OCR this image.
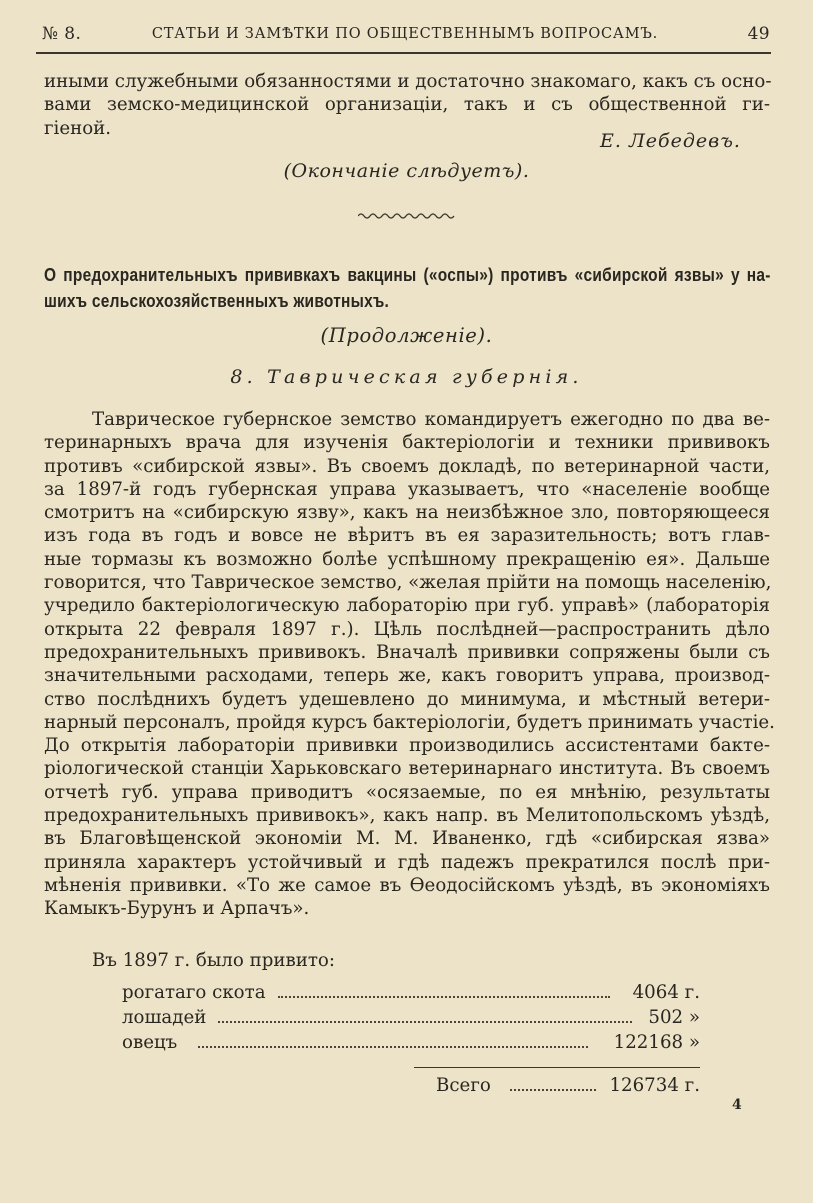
№ 8.	СТАТЬИ И ЗАМѢТКИ ПО ОБЩЕСТВЕННЫМЪ ВОПРОСАМЪ.	49
иными служебными обязанностями и достаточно знакомаго, какъ съ осно-
вами земско-медицинской организаціи, такъ и съ общественной ги-
гіеной.
Е. Лебедевъ.
(Окончаніе слѣдуетъ).
О предохранительныхъ прививкахъ вакцины («оспы») противъ «сибирской язвы» у на-
шихъ сельскохозяйственныхъ животныхъ.
(Продолженіе).
8. Таврическая губернія.
Таврическое губернское земство командируетъ ежегодно по два ве-
теринарныхъ врача для изученія бактеріологіи и техники прививокъ
противъ «сибирской язвы». Въ своемъ докладѣ, по ветеринарной части,
за 1897-й годъ губернская управа указываетъ, что «населеніе вообще
смотритъ на «сибирскую язву», какъ на неизбѣжное зло, повторяющееся
изъ года въ годъ и вовсе не вѣритъ въ ея заразительность; вотъ глав-
ные тормазы къ возможно болѣе успѣшному прекращенію ея». Дальше
говорится, что Таврическое земство, «желая прійти на помощь населенію,
учредило бактеріологическую лабораторію при губ. управѣ» (лабораторія
открыта 22 февраля 1897 г.). Цѣль послѣдней—распространить дѣло
предохранительныхъ прививокъ. Вначалѣ прививки сопряжены были съ
значительными расходами, теперь же, какъ говоритъ управа, производ-
ство послѣднихъ будетъ удешевлено до минимума, и мѣстный ветери-
нарный персоналъ, пройдя курсъ бактеріологіи, будетъ принимать участіе.
До открытія лабораторіи прививки производились ассистентами бакте-
ріологической станціи Харьковскаго ветеринарнаго института. Въ своемъ
отчетѣ губ. управа приводитъ «осязаемые, по ея мнѣнію, результаты
предохранительныхъ прививокъ», какъ напр. въ Мелитопольскомъ уѣздѣ,
въ Благовѣщенской экономіи М. М. Иваненко, гдѣ «сибирская язва»
приняла характеръ устойчивый и гдѣ падежъ прекратился послѣ при-
мѣненія прививки. «То же самое въ Ѳеодосійскомъ уѣздѣ, въ экономіяхъ
Камыкъ-Бурунъ и Арпачъ».
Въ 1897 г. было привито:
рогатаго скота	4064 г.
лошадей	502 »
овецъ	122168 »
Всего	126734 г.
4
